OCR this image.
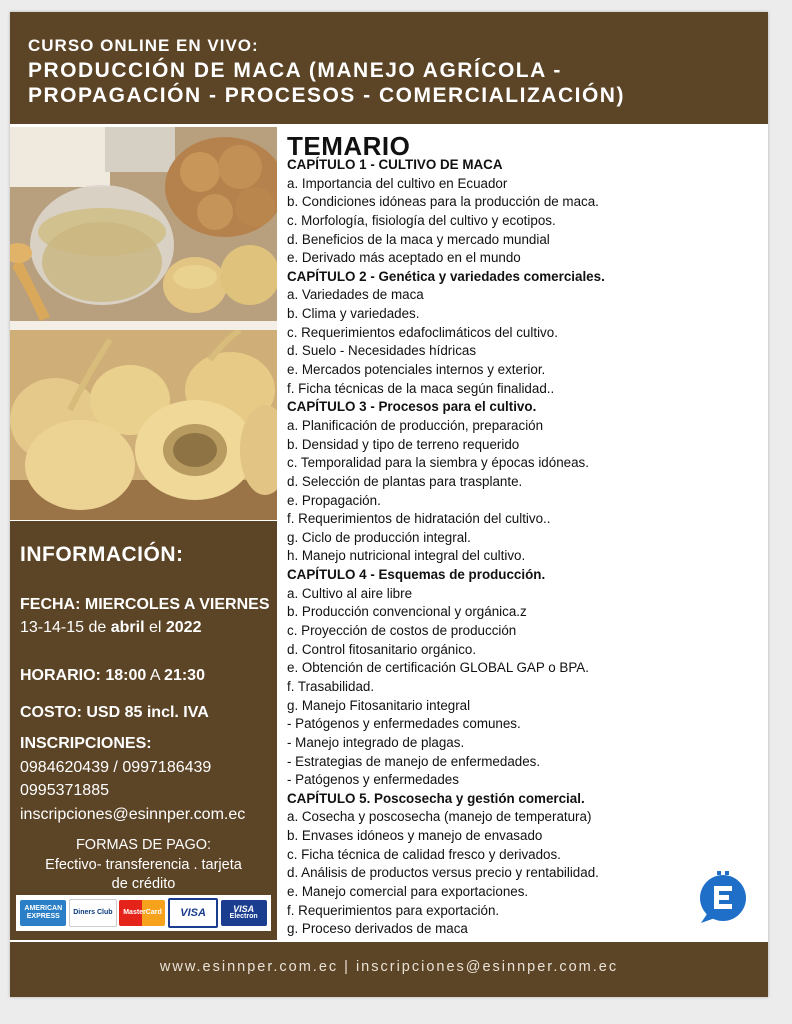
CURSO ONLINE EN VIVO:
PRODUCCIÓN DE MACA (MANEJO AGRÍCOLA -
PROPAGACIÓN - PROCESOS - COMERCIALIZACIÓN)
INFORMACIÓN:
FECHA: MIERCOLES A VIERNES
13-14-15 de abril el 2022
HORARIO: 18:00 A 21:30
COSTO: USD 85 incl. IVA
INSCRIPCIONES:
0984620439 / 0997186439
0995371885
inscripciones@esinnper.com.ec
FORMAS DE PAGO:
Efectivo- transferencia . tarjeta
de crédito
AMERICAN EXPRESS
Diners Club	MasterCard	VISA	VISA
Electron
TEMARIO
CAPÍTULO 1 - CULTIVO DE MACA
a. Importancia del cultivo en Ecuador
b. Condiciones idóneas para la producción de maca.
c. Morfología, fisiología del cultivo y ecotipos.
d. Beneficios de la maca y mercado mundial
e. Derivado más aceptado en el mundo
CAPÍTULO 2 - Genética y variedades comerciales.
a. Variedades de maca
b. Clima y variedades.
c. Requerimientos edafoclimáticos del cultivo.
d. Suelo - Necesidades hídricas
e. Mercados potenciales internos y exterior.
f. Ficha técnicas de la maca según finalidad..
CAPÍTULO 3 - Procesos para el cultivo.
a. Planificación de producción, preparación
b. Densidad y tipo de terreno requerido
c. Temporalidad para la siembra y épocas idóneas.
d. Selección de plantas para trasplante.
e. Propagación.
f. Requerimientos de hidratación del cultivo..
g. Ciclo de producción integral.
h. Manejo nutricional integral del cultivo.
CAPÍTULO 4 - Esquemas de producción.
a. Cultivo al aire libre
b. Producción convencional y orgánica.z
c. Proyección de costos de producción
d. Control fitosanitario orgánico.
e. Obtención de certificación GLOBAL GAP o BPA.
f. Trasabilidad.
g. Manejo Fitosanitario integral
- Patógenos y enfermedades comunes.
- Manejo integrado de plagas.
- Estrategias de manejo de enfermedades.
- Patógenos y enfermedades
CAPÍTULO 5. Poscosecha y gestión comercial.
a. Cosecha y poscosecha (manejo de temperatura)
b. Envases idóneos y manejo de envasado
c. Ficha técnica de calidad fresco y derivados.
d. Análisis de productos versus precio y rentabilidad.
e. Manejo comercial para exportaciones.
f. Requerimientos para exportación.
g. Proceso derivados de maca
www.esinnper.com.ec | inscripciones@esinnper.com.ec
